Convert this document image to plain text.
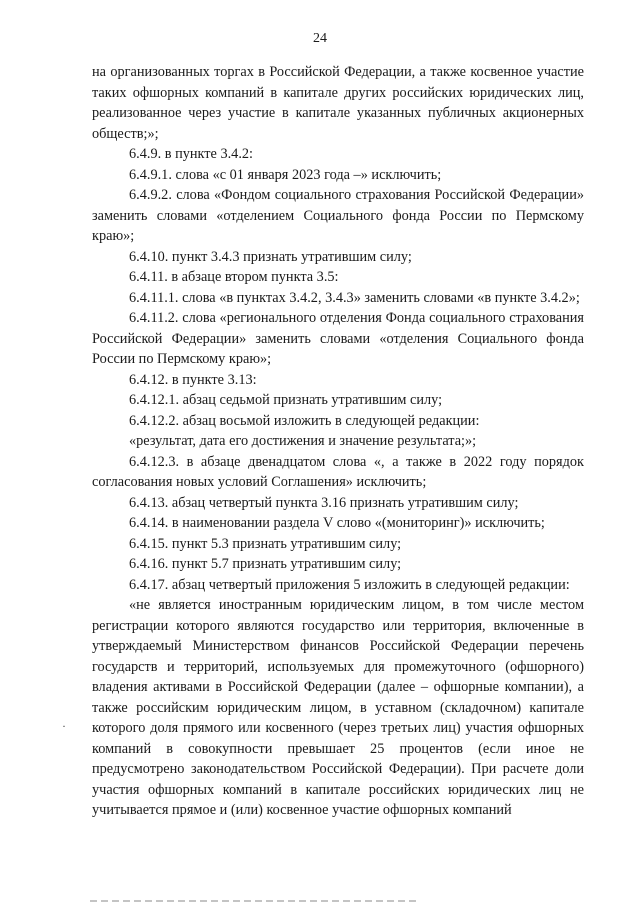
24

на организованных торгах в Российской Федерации, а также косвенное участие таких офшорных компаний в капитале других российских юридических лиц, реализованное через участие в капитале указанных публичных акционерных обществ;»;

6.4.9. в пункте 3.4.2:

6.4.9.1. слова «с 01 января 2023 года –» исключить;

6.4.9.2. слова «Фондом социального страхования Российской Федерации» заменить словами «отделением Социального фонда России по Пермскому краю»;

6.4.10. пункт 3.4.3 признать утратившим силу;

6.4.11. в абзаце втором пункта 3.5:

6.4.11.1. слова «в пунктах 3.4.2, 3.4.3» заменить словами «в пункте 3.4.2»;

6.4.11.2. слова «регионального отделения Фонда социального страхования Российской Федерации» заменить словами «отделения Социального фонда России по Пермскому краю»;

6.4.12. в пункте 3.13:

6.4.12.1. абзац седьмой признать утратившим силу;

6.4.12.2. абзац восьмой изложить в следующей редакции:

«результат, дата его достижения и значение результата;»;

6.4.12.3. в абзаце двенадцатом слова «, а также в 2022 году порядок согласования новых условий Соглашения» исключить;

6.4.13. абзац четвертый пункта 3.16 признать утратившим силу;

6.4.14. в наименовании раздела V слово «(мониторинг)» исключить;

6.4.15. пункт 5.3 признать утратившим силу;

6.4.16. пункт 5.7 признать утратившим силу;

6.4.17. абзац четвертый приложения 5 изложить в следующей редакции:

«не является иностранным юридическим лицом, в том числе местом регистрации которого являются государство или территория, включенные в утверждаемый Министерством финансов Российской Федерации перечень государств и территорий, используемых для промежуточного (офшорного) владения активами в Российской Федерации (далее – офшорные компании), а также российским юридическим лицом, в уставном (складочном) капитале которого доля прямого или косвенного (через третьих лиц) участия офшорных компаний в совокупности превышает 25 процентов (если иное не предусмотрено законодательством Российской Федерации). При расчете доли участия офшорных компаний в капитале российских юридических лиц не учитывается прямое и (или) косвенное участие офшорных компаний

·
